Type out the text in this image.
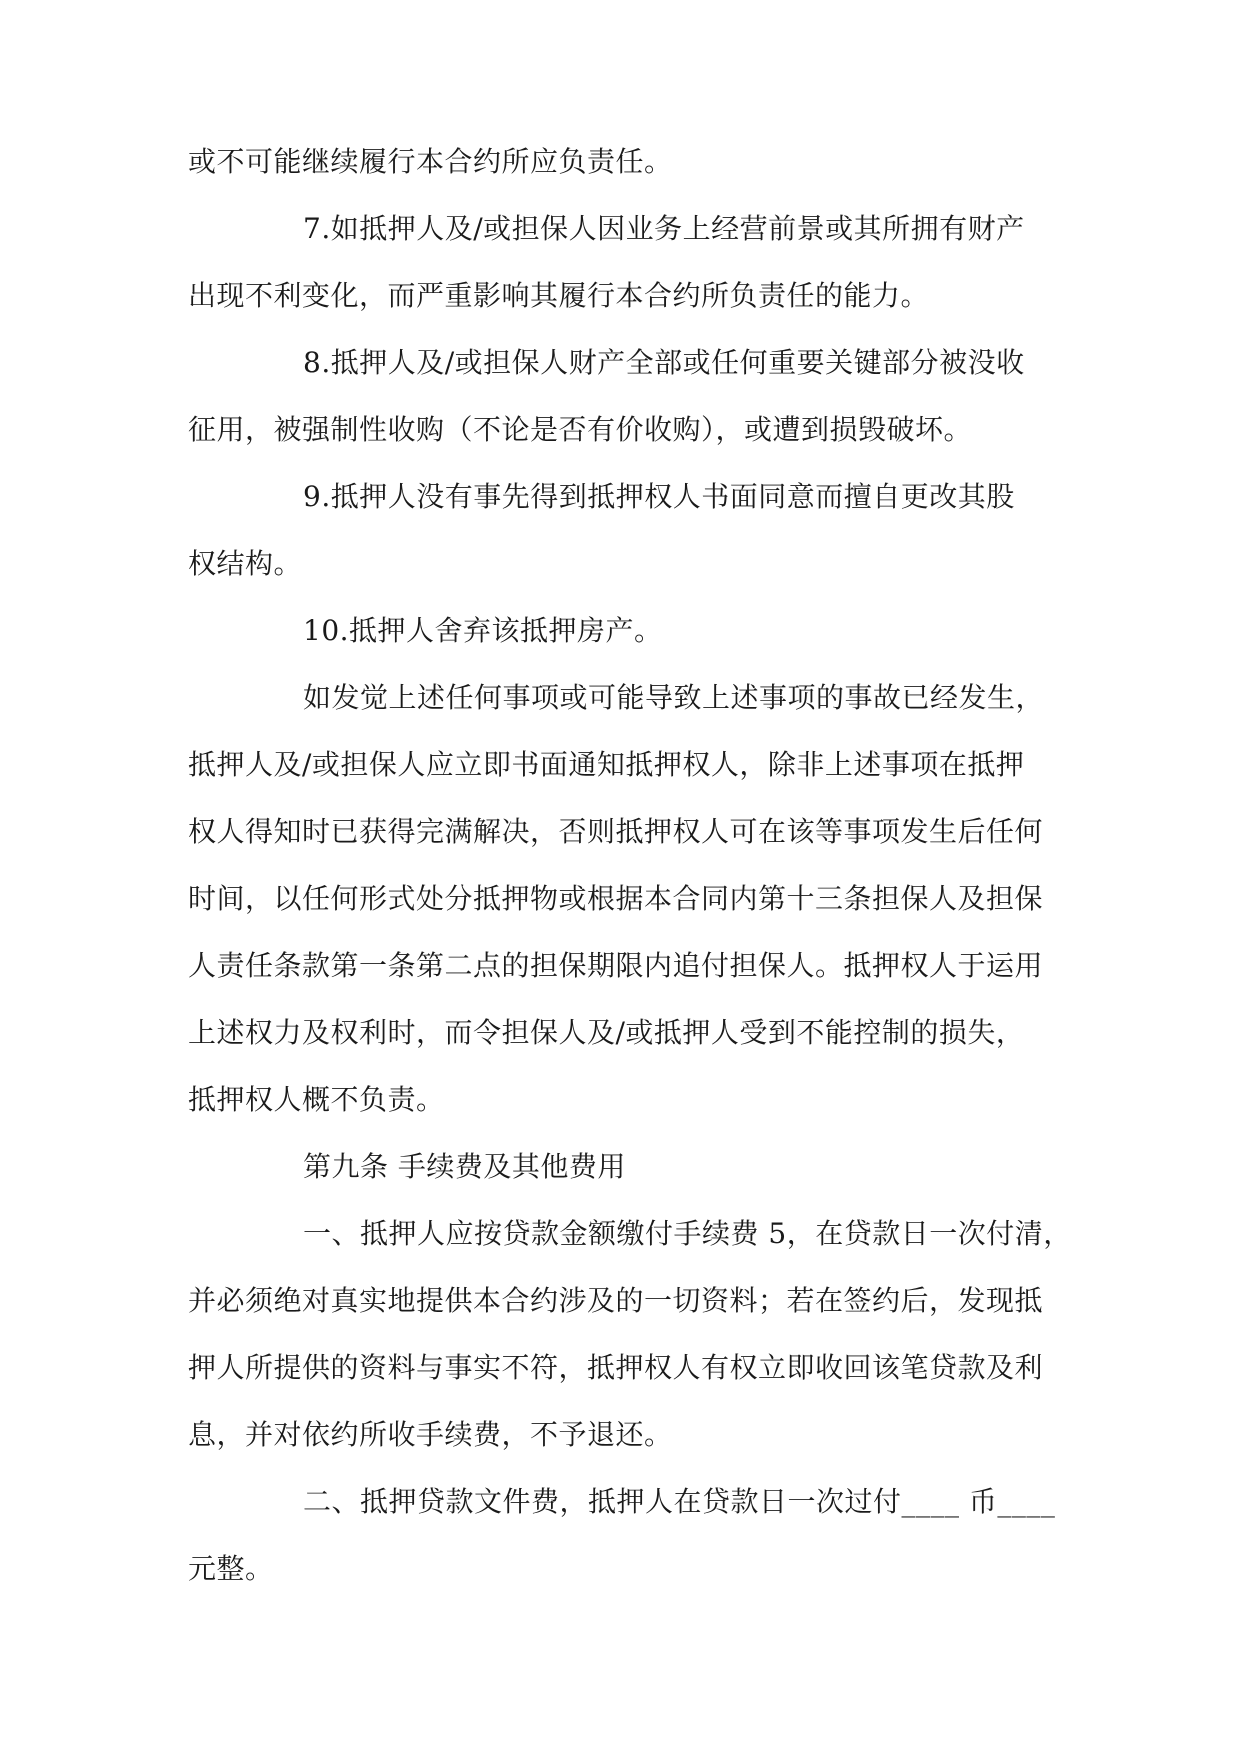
或不可能继续履行本合约所应负责任。
7.如抵押人及/或担保人因业务上经营前景或其所拥有财产
出现不利变化，而严重影响其履行本合约所负责任的能力。
8.抵押人及/或担保人财产全部或任何重要关键部分被没收
征用，被强制性收购（不论是否有价收购），或遭到损毁破坏。
9.抵押人没有事先得到抵押权人书面同意而擅自更改其股
权结构。
10.抵押人舍弃该抵押房产。
如发觉上述任何事项或可能导致上述事项的事故已经发生，
抵押人及/或担保人应立即书面通知抵押权人，除非上述事项在抵押
权人得知时已获得完满解决，否则抵押权人可在该等事项发生后任何
时间，以任何形式处分抵押物或根据本合同内第十三条担保人及担保
人责任条款第一条第二点的担保期限内追付担保人。抵押权人于运用
上述权力及权利时，而令担保人及/或抵押人受到不能控制的损失，
抵押权人概不负责。
第九条 手续费及其他费用
一、抵押人应按贷款金额缴付手续费 5，在贷款日一次付清，
并必须绝对真实地提供本合约涉及的一切资料；若在签约后，发现抵
押人所提供的资料与事实不符，抵押权人有权立即收回该笔贷款及利
息，并对依约所收手续费，不予退还。
二、抵押贷款文件费，抵押人在贷款日一次过付____ 币____
元整。
